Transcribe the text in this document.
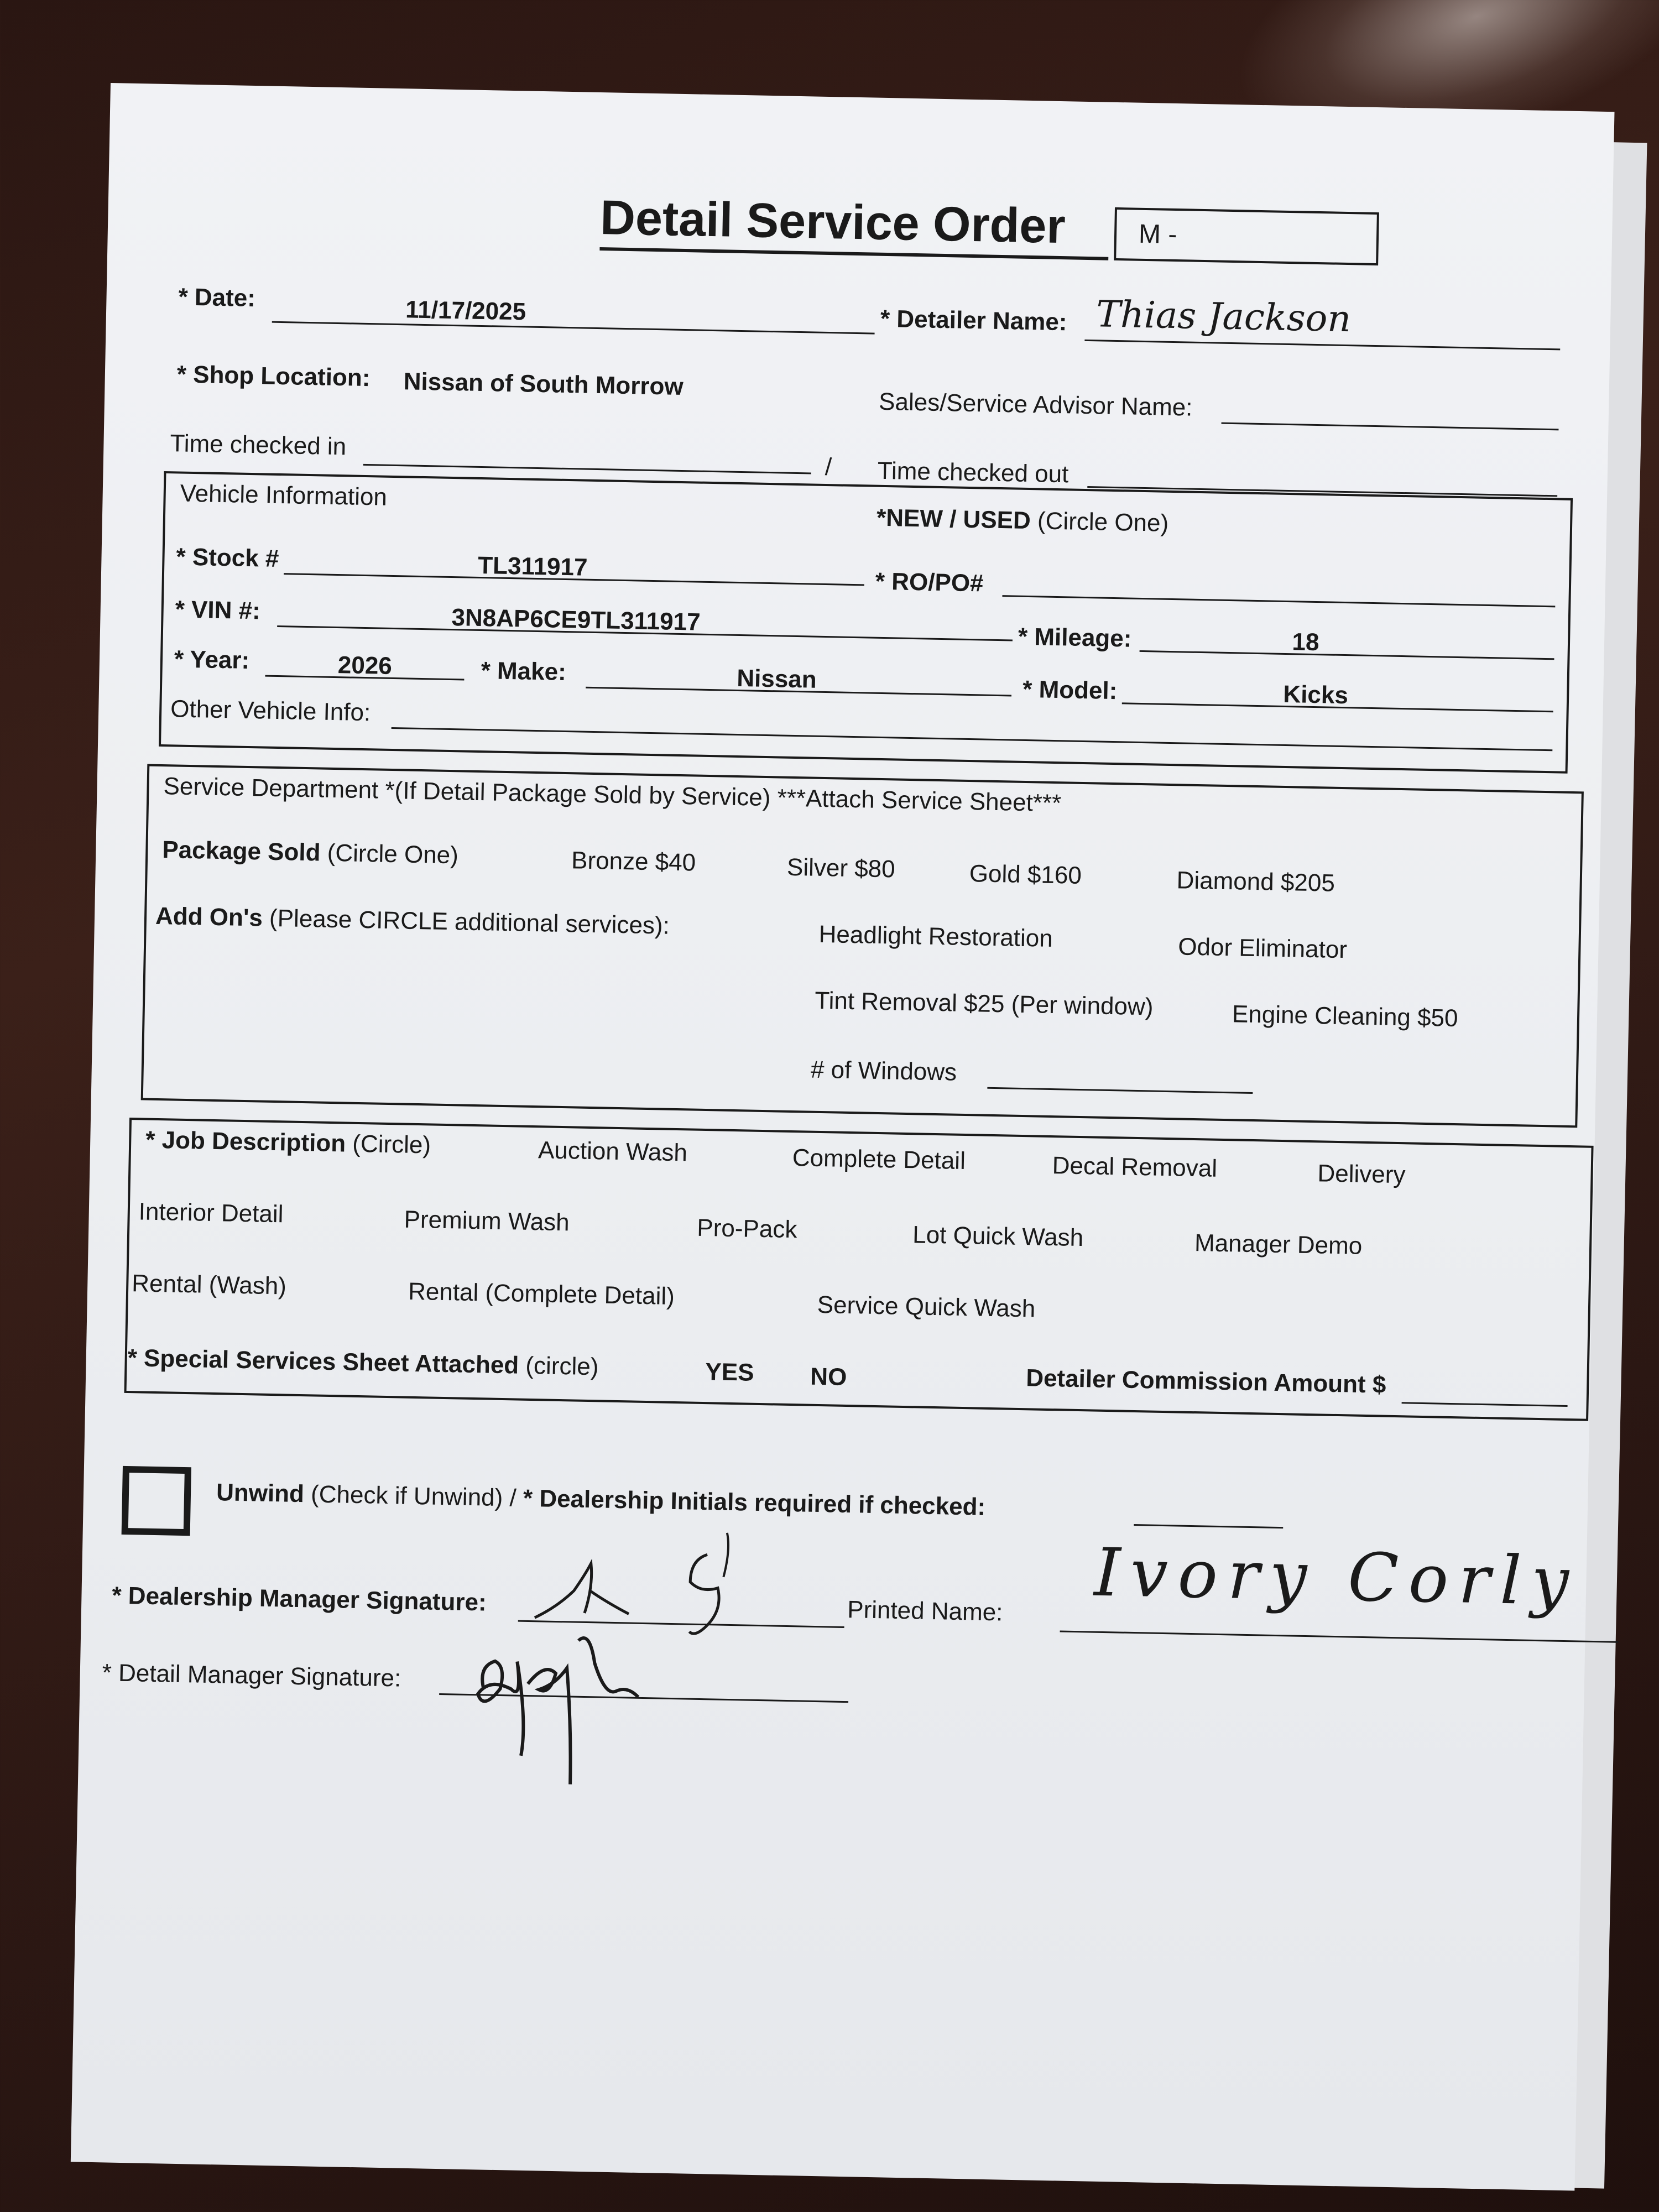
Detail Service Order	M -
* Date:	11/17/2025	* Detailer Name: Thias Jackson
* Shop Location: Nissan of South Morrow
Sales/Service Advisor Name:
Time checked in
/ Time checked out
Vehicle Information
*NEW / USED (Circle One)
* Stock #	TL311917
* RO/PO#
* VIN #:	3N8AP6CE9TL311917
* Mileage:	18
* Year:	2026	* Make:	Nissan	* Model:	Kicks
Other Vehicle Info:
Service Department *(If Detail Package Sold by Service) ***Attach Service Sheet***
Package Sold (Circle One)	Bronze $40	Silver $80	Gold $160	Diamond $205
Add On's (Please CIRCLE additional services):	Headlight Restoration	Odor Eliminator
Tint Removal $25 (Per window)	Engine Cleaning $50
# of Windows
* Job Description (Circle)	Auction Wash	Complete Detail	Decal Removal	Delivery
Interior Detail	Premium Wash	Pro-Pack	Lot Quick Wash	Manager Demo
Rental (Wash)	Rental (Complete Detail)	Service Quick Wash
* Special Services Sheet Attached (circle)	YES NO	Detailer Commission Amount $
Unwind (Check if Unwind) / * Dealership Initials required if checked:
* Dealership Manager Signature:	Printed Name: Ivory Corly
* Detail Manager Signature:
